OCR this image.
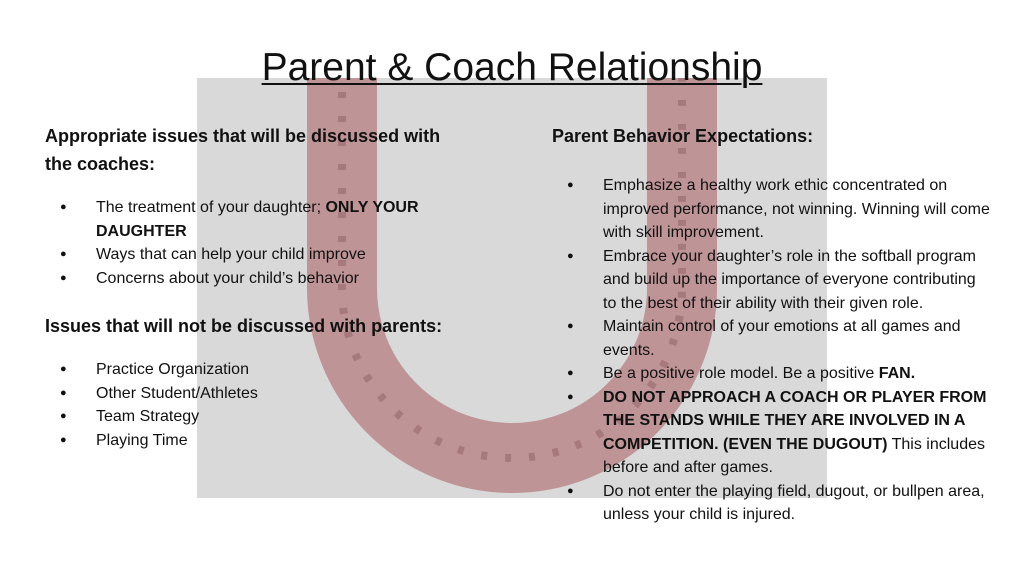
Parent & Coach Relationship

Appropriate issues that will be discussed with the coaches:

● The treatment of your daughter; ONLY YOUR DAUGHTER
● Ways that can help your child improve
● Concerns about your child’s behavior

Issues that will not be discussed with parents:

● Practice Organization
● Other Student/Athletes
● Team Strategy
● Playing Time

Parent Behavior Expectations:

● Emphasize a healthy work ethic concentrated on improved performance, not winning. Winning will come with skill improvement.
● Embrace your daughter’s role in the softball program and build up the importance of everyone contributing to the best of their ability with their given role.
● Maintain control of your emotions at all games and events.
● Be a positive role model. Be a positive FAN.
● DO NOT APPROACH A COACH OR PLAYER FROM THE STANDS WHILE THEY ARE INVOLVED IN A COMPETITION. (EVEN THE DUGOUT) This includes before and after games.
● Do not enter the playing field, dugout, or bullpen area, unless your child is injured.
